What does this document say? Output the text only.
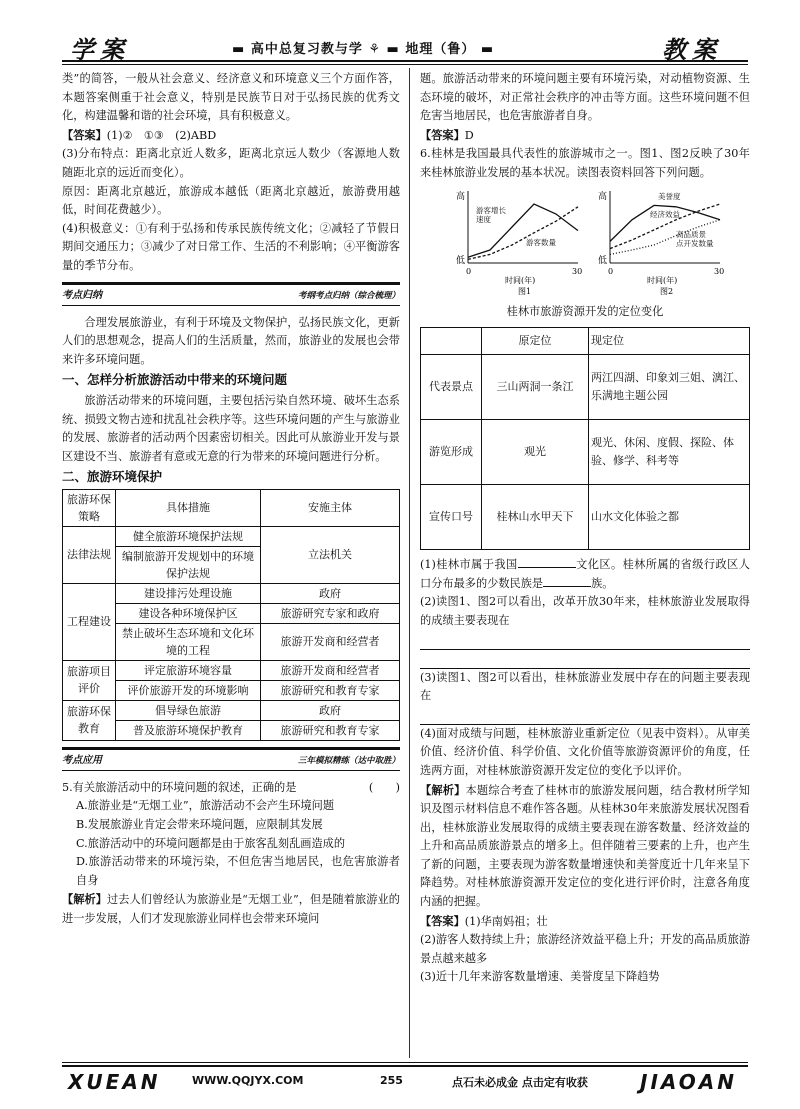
学案	▬ 高中总复习教与学 ⚘ ▬ 地理（鲁） ▬	教案

类”的简答，一般从社会意义、经济意义和环境意义三个方面作答，本题答案侧重于社会意义，特别是民族节日对于弘扬民族的优秀文化，构建温馨和谐的社会环境，具有积极意义。

【答案】(1)②　①③　(2)ABD

(3)分布特点：距离北京近人数多，距离北京远人数少（客源地人数随距北京的远近而变化）。

原因：距离北京越近，旅游成本越低（距离北京越近，旅游费用越低，时间花费越少）。

(4)积极意义：①有利于弘扬和传承民族传统文化；②减轻了节假日期间交通压力；③减少了对日常工作、生活的不利影响；④平衡游客量的季节分布。

考点归纳	考纲考点归纳（综合梳理）

合理发展旅游业，有利于环境及文物保护，弘扬民族文化，更新人们的思想观念，提高人们的生活质量，然而，旅游业的发展也会带来许多环境问题。

一、怎样分析旅游活动中带来的环境问题

旅游活动带来的环境问题，主要包括污染自然环境、破坏生态系统、损毁文物古迹和扰乱社会秩序等。这些环境问题的产生与旅游业的发展、旅游者的活动两个因素密切相关。因此可从旅游业开发与景区建设不当、旅游者有意或无意的行为带来的环境问题进行分析。

二、旅游环境保护

旅游环保策略	具体措施	安施主体
法律法规	健全旅游环境保护法规	立法机关
	编制旅游开发规划中的环境保护法规	
工程建设	建设排污处理设施	政府
	建设各种环境保护区	旅游研究专家和政府
	禁止破坏生态环境和文化环境的工程	旅游开发商和经营者
旅游项目评价	评定旅游环境容量	旅游开发商和经营者
	评价旅游开发的环境影响	旅游研究和教育专家
旅游环保教育	倡导绿色旅游	政府
	普及旅游环境保护教育	旅游研究和教育专家
考点应用	三年模拟精练（达中取胜）

5.有关旅游活动中的环境问题的叙述，正确的是	(　　)

A.旅游业是“无烟工业”，旅游活动不会产生环境问题

B.发展旅游业肯定会带来环境问题，应限制其发展

C.旅游活动中的环境问题都是由于旅客乱刻乱画造成的

D.旅游活动带来的环境污染，不但危害当地居民，也危害旅游者自身

【解析】过去人们曾经认为旅游业是“无烟工业”，但是随着旅游业的进一步发展，人们才发现旅游业同样也会带来环境问

题。旅游活动带来的环境问题主要有环境污染，对动植物资源、生态环境的破坏，对正常社会秩序的冲击等方面。这些环境问题不但危害当地居民，也危害旅游者自身。

【答案】D

6.桂林是我国最具代表性的旅游城市之一。图1、图2反映了30年来桂林旅游业发展的基本状况。读图表资料回答下列问题。

高
低
0	30
时间(年)
图1
游客增长
速度
游客数量
高
低
0	30
时间(年)
图2
美誉度
经济效益
高品质景
点开发数量

桂林市旅游资源开发的定位变化

	原定位	现定位
代表景点	三山两洞一条江	两江四湖、印象刘三姐、漓江、乐满地主题公园
游览形成	观光	观光、休闲、度假、探险、体验、修学、科考等
宣传口号	桂林山水甲天下	山水文化体验之都

(1)桂林市属于我国	文化区。桂林所属的省级行政区人口分布最多的少数民族是	族。

(2)读图1、图2可以看出，改革开放30年来，桂林旅游业发展取得的成绩主要表现在

(3)读图1、图2可以看出，桂林旅游业发展中存在的问题主要表现在

(4)面对成绩与问题，桂林旅游业重新定位（见表中资料）。从审美价值、经济价值、科学价值、文化价值等旅游资源评价的角度，任选两方面，对桂林旅游资源开发定位的变化予以评价。

【解析】本题综合考查了桂林市的旅游发展问题，结合教材所学知识及图示材料信息不难作答各题。从桂林30年来旅游发展状况图看出，桂林旅游业发展取得的成绩主要表现在游客数量、经济效益的上升和高品质旅游景点的增多上。但伴随着三要素的上升，也产生了新的问题，主要表现为游客数量增速快和美誉度近十几年来呈下降趋势。对桂林旅游资源开发定位的变化进行评价时，注意各角度内涵的把握。

【答案】(1)华南妈祖；壮

(2)游客人数持续上升；旅游经济效益平稳上升；开发的高品质旅游景点越来越多

(3)近十几年来游客数量增速、美誉度呈下降趋势

XUEAN	WWW.QQJYX.COM	255	点石未必成金 点击定有收获	JIAOAN
